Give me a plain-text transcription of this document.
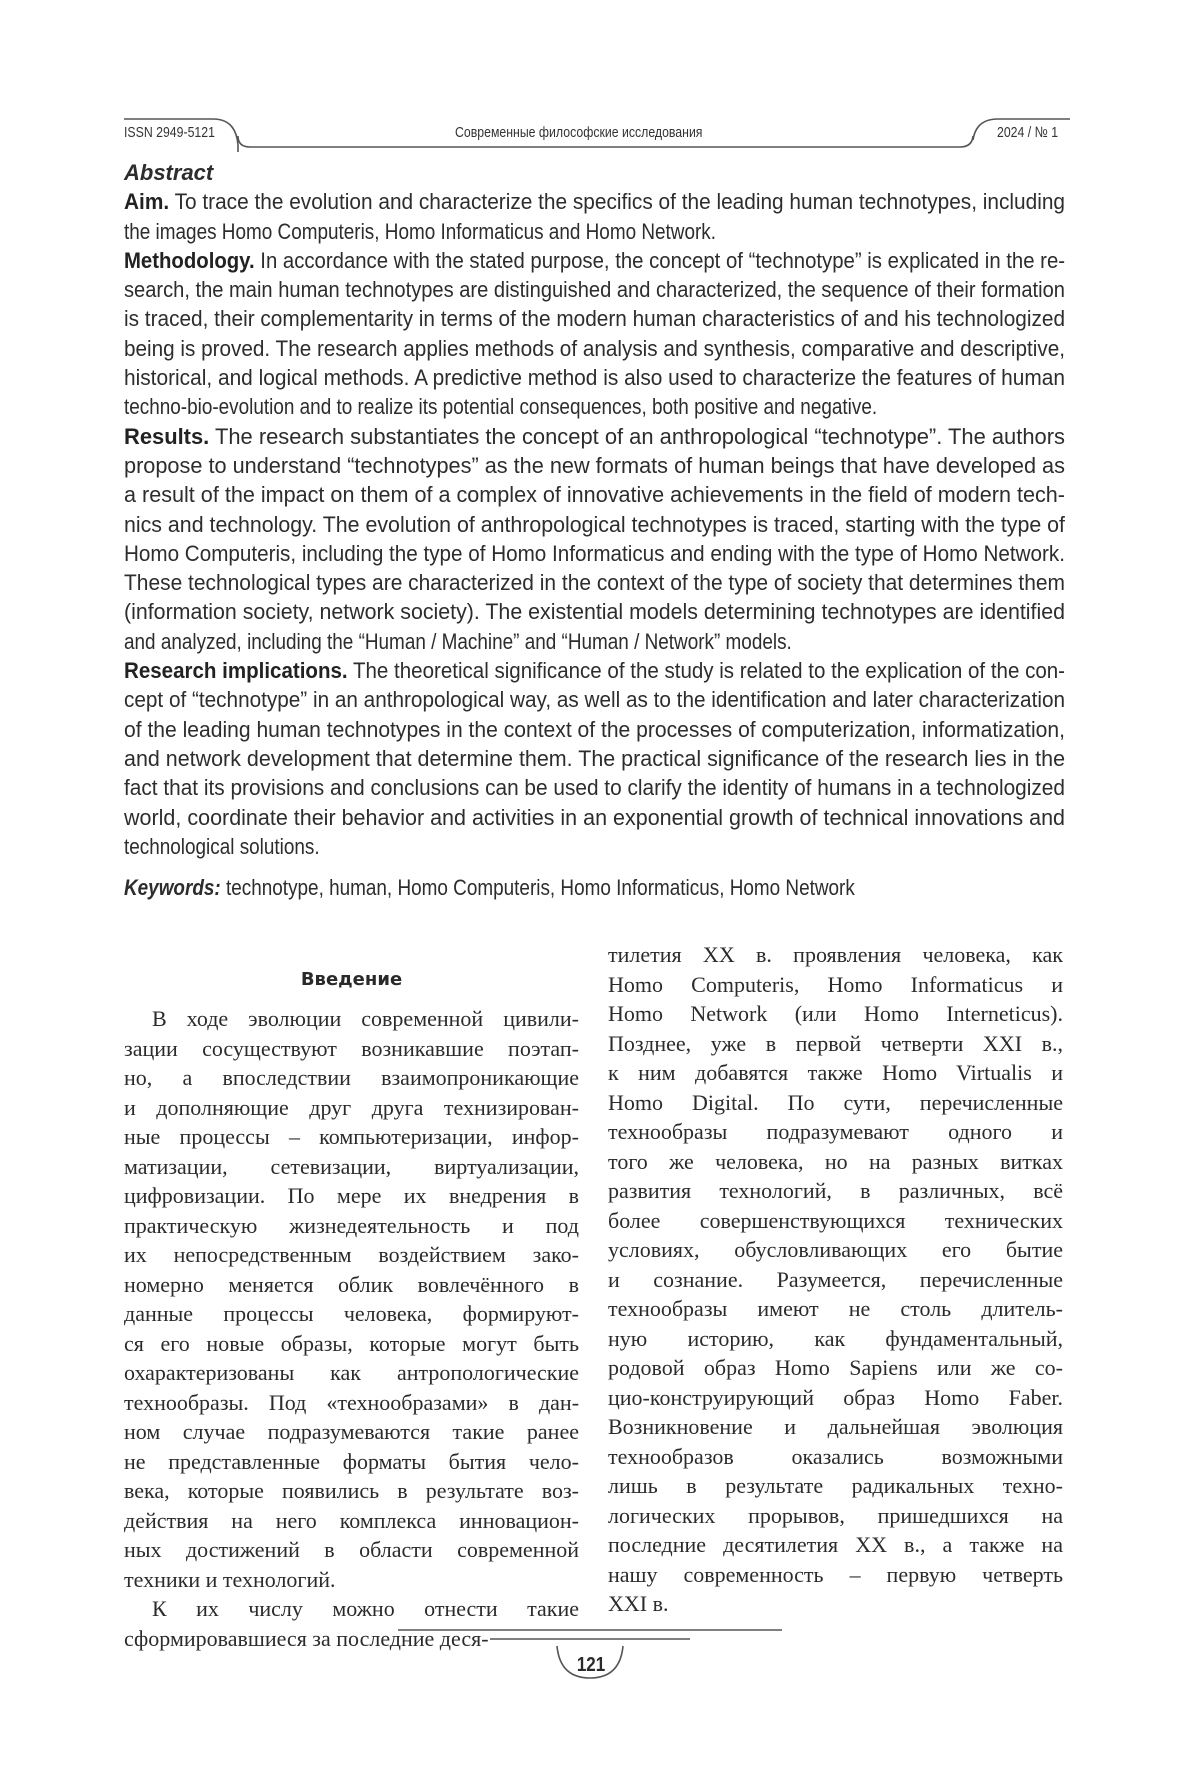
ISSN 2949-5121	Современные философские исследования	2024 / № 1
Abstract
Aim. To trace the evolution and characterize the specifics of the leading human technotypes, including
the images Homo Computeris, Homo Informaticus and Homo Network.
Methodology. In accordance with the stated purpose, the concept of “technotype” is explicated in the re-
search, the main human technotypes are distinguished and characterized, the sequence of their formation
is traced, their complementarity in terms of the modern human characteristics of and his technologized
being is proved. The research applies methods of analysis and synthesis, comparative and descriptive,
historical, and logical methods. A predictive method is also used to characterize the features of human
techno-bio-evolution and to realize its potential consequences, both positive and negative.
Results. The research substantiates the concept of an anthropological “technotype”. The authors
propose to understand “technotypes” as the new formats of human beings that have developed as
a result of the impact on them of a complex of innovative achievements in the field of modern tech-
nics and technology. The evolution of anthropological technotypes is traced, starting with the type of
Homo Computeris, including the type of Homo Informaticus and ending with the type of Homo Network.
These technological types are characterized in the context of the type of society that determines them
(information society, network society). The existential models determining technotypes are identified
and analyzed, including the “Human / Machine” and “Human / Network” models.
Research implications. The theoretical significance of the study is related to the explication of the con-
cept of “technotype” in an anthropological way, as well as to the identification and later characterization
of the leading human technotypes in the context of the processes of computerization, informatization,
and network development that determine them. The practical significance of the research lies in the
fact that its provisions and conclusions can be used to clarify the identity of humans in a technologized
world, coordinate their behavior and activities in an exponential growth of technical innovations and
technological solutions.
Keywords: technotype, human, Homo Computeris, Homo Informaticus, Homo Network
Введение
В ходе эволюции современной цивили-
зации сосуществуют возникавшие поэтап-
но, а впоследствии взаимопроникающие
и дополняющие друг друга технизирован-
ные процессы – компьютеризации, инфор-
матизации, сетевизации, виртуализации,
цифровизации. По мере их внедрения в
практическую жизнедеятельность и под
их непосредственным воздействием зако-
номерно меняется облик вовлечённого в
данные процессы человека, формируют-
ся его новые образы, которые могут быть
охарактеризованы как антропологические
технообразы. Под «технообразами» в дан-
ном случае подразумеваются такие ранее
не представленные форматы бытия чело-
века, которые появились в результате воз-
действия на него комплекса инновацион-
ных достижений в области современной
техники и технологий.
К их числу можно отнести такие
сформировавшиеся за последние деся-
тилетия XX в. проявления человека, как
Homo Computeris, Homo Informaticus и
Homo Network (или Homo Interneticus).
Позднее, уже в первой четверти XXI в.,
к ним добавятся также Homo Virtualis и
Homo Digital. По сути, перечисленные
технообразы подразумевают одного и
того же человека, но на разных витках
развития технологий, в различных, всё
более совершенствующихся технических
условиях, обусловливающих его бытие
и сознание. Разумеется, перечисленные
технообразы имеют не столь длитель-
ную историю, как фундаментальный,
родовой образ Homo Sapiens или же со-
цио-конструирующий образ Homo Faber.
Возникновение и дальнейшая эволюция
технообразов оказались возможными
лишь в результате радикальных техно-
логических прорывов, пришедшихся на
последние десятилетия XX в., а также на
нашу современность – первую четверть
XXI в.
121
